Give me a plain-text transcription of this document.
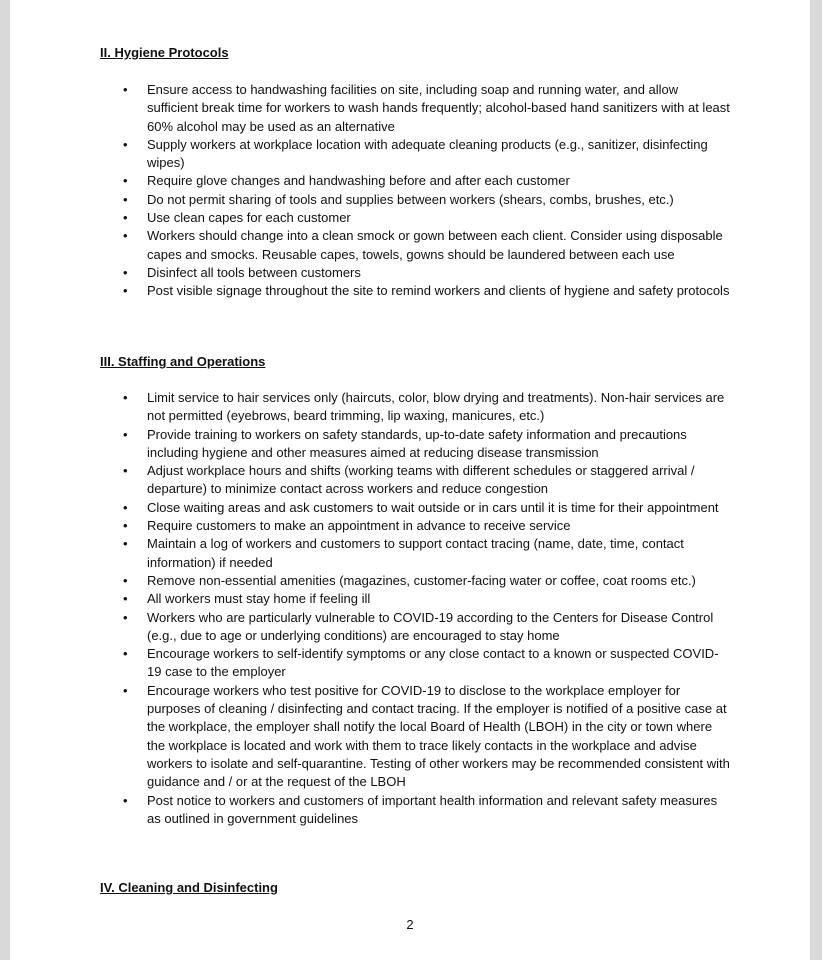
II. Hygiene Protocols
• Ensure access to handwashing facilities on site, including soap and running water, and allow sufficient break time for workers to wash hands frequently; alcohol-based hand sanitizers with at least 60% alcohol may be used as an alternative
• Supply workers at workplace location with adequate cleaning products (e.g., sanitizer, disinfecting wipes)
• Require glove changes and handwashing before and after each customer
• Do not permit sharing of tools and supplies between workers (shears, combs, brushes, etc.)
• Use clean capes for each customer
• Workers should change into a clean smock or gown between each client. Consider using disposable capes and smocks. Reusable capes, towels, gowns should be laundered between each use
• Disinfect all tools between customers
• Post visible signage throughout the site to remind workers and clients of hygiene and safety protocols
III. Staffing and Operations
• Limit service to hair services only (haircuts, color, blow drying and treatments). Non-hair services are not permitted (eyebrows, beard trimming, lip waxing, manicures, etc.)
• Provide training to workers on safety standards, up-to-date safety information and precautions including hygiene and other measures aimed at reducing disease transmission
• Adjust workplace hours and shifts (working teams with different schedules or staggered arrival / departure) to minimize contact across workers and reduce congestion
• Close waiting areas and ask customers to wait outside or in cars until it is time for their appointment
• Require customers to make an appointment in advance to receive service
• Maintain a log of workers and customers to support contact tracing (name, date, time, contact information) if needed
• Remove non-essential amenities (magazines, customer-facing water or coffee, coat rooms etc.)
• All workers must stay home if feeling ill
• Workers who are particularly vulnerable to COVID-19 according to the Centers for Disease Control (e.g., due to age or underlying conditions) are encouraged to stay home
• Encourage workers to self-identify symptoms or any close contact to a known or suspected COVID-19 case to the employer
• Encourage workers who test positive for COVID-19 to disclose to the workplace employer for purposes of cleaning / disinfecting and contact tracing. If the employer is notified of a positive case at the workplace, the employer shall notify the local Board of Health (LBOH) in the city or town where the workplace is located and work with them to trace likely contacts in the workplace and advise workers to isolate and self-quarantine. Testing of other workers may be recommended consistent with guidance and / or at the request of the LBOH
• Post notice to workers and customers of important health information and relevant safety measures as outlined in government guidelines
IV. Cleaning and Disinfecting
2
